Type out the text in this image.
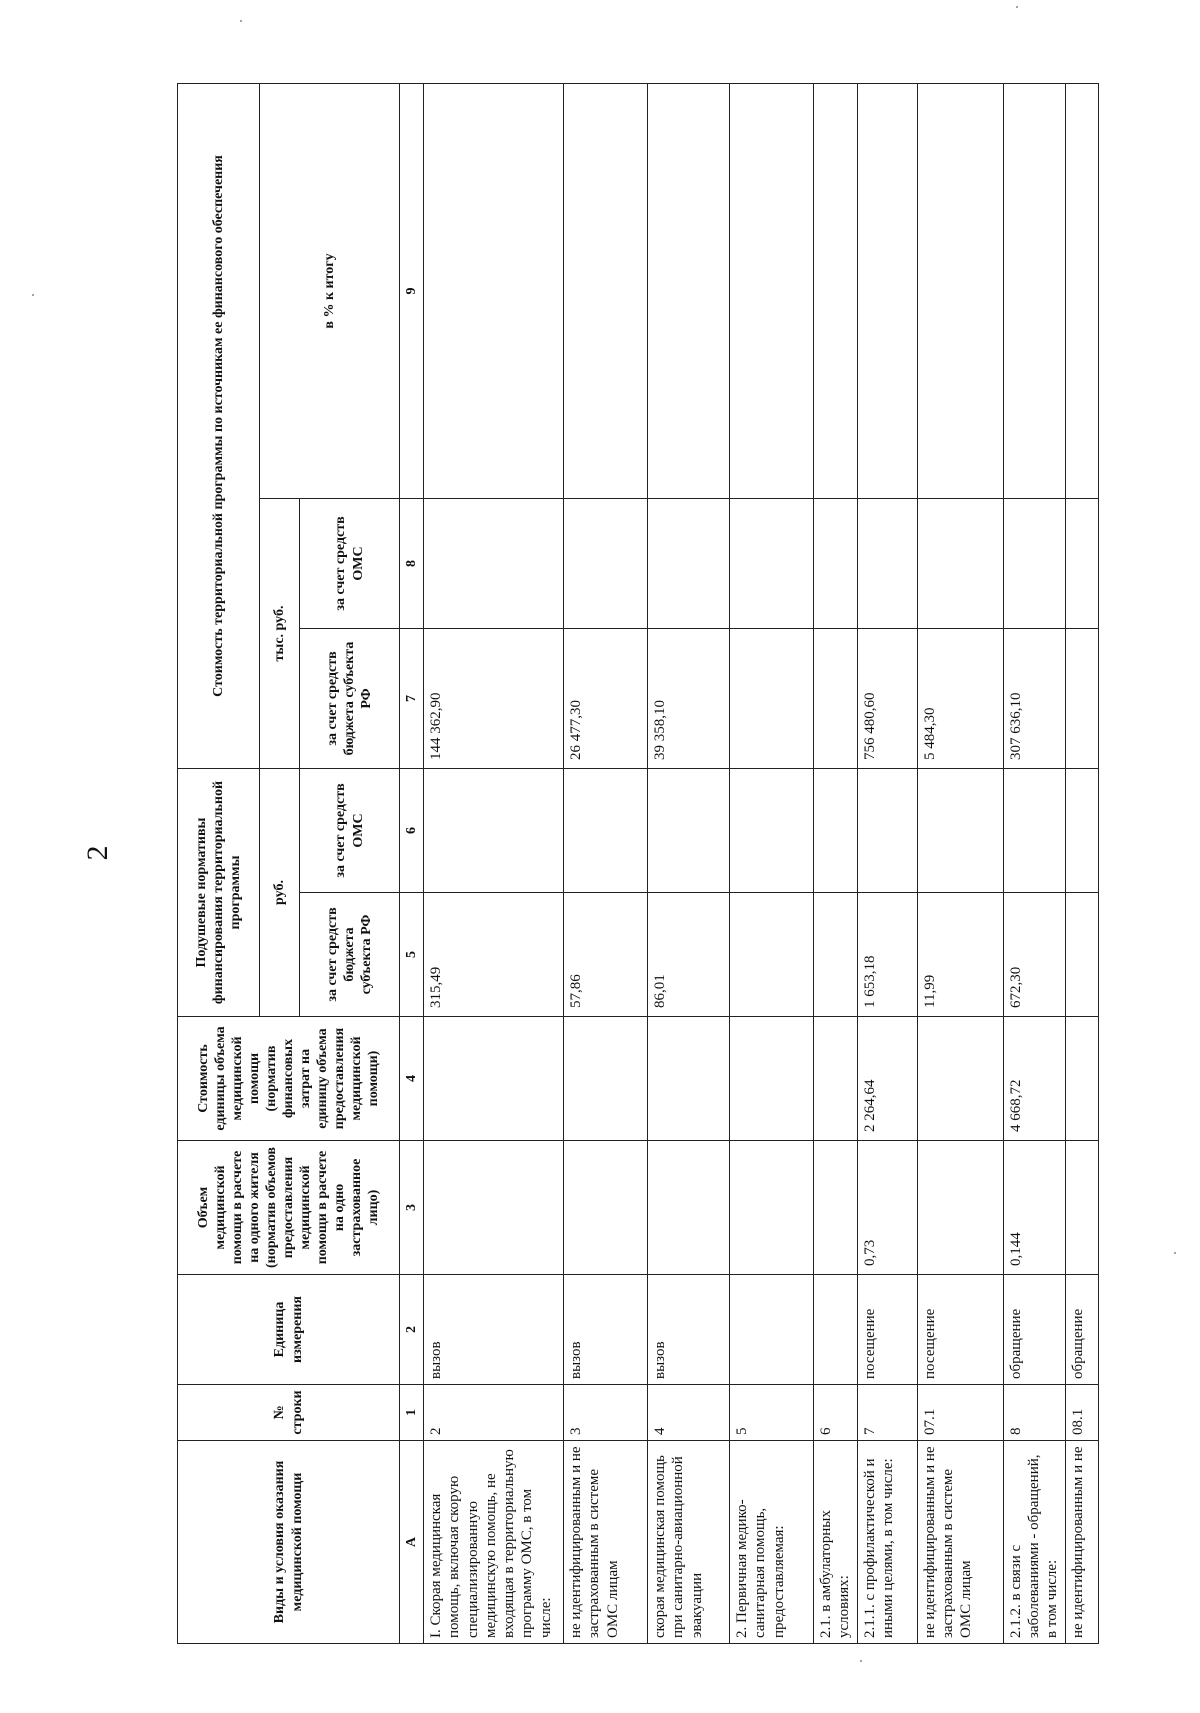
2
Виды и условия оказания медицинской помощи	№ строки	Единица измерения	Объем медицинской помощи в расчете на одного жителя (норматив объемов предоставления медицинской помощи в расчете на одно застрахованное лицо)	Стоимость единицы объема медицинской помощи (норматив финансовых затрат на единицу объема предоставления медицинской помощи)	Подушевые нормативы финансирования территориальной программы		Стоимость территориальной программы по источникам ее финансового обеспечения		
					руб.		тыс. руб.		в % к итогу
					за счет средств бюджета субъекта РФ	за счет средств ОМС	за счет средств бюджета субъекта РФ	за счет средств ОМС	
А	1	2	3	4	5	6	7	8	9
I. Скорая медицинская помощь, включая скорую специализированную медицинскую помощь, не входящая в территориальную программу ОМС, в том числе:	2	вызов			315,49		144 362,90		
не идентифицированным и не застрахованным в системе ОМС лицам	3	вызов			57,86		26 477,30		
скорая медицинская помощь при санитарно-авиационной эвакуации	4	вызов			86,01		39 358,10		
2. Первичная медико-санитарная помощь, предоставляемая:	5								
2.1. в амбулаторных условиях:	6								
2.1.1. с профилактической и иными целями, в том числе:	7	посещение	0,73	2 264,64	1 653,18		756 480,60		
не идентифицированным и не застрахованным в системе ОМС лицам	07.1	посещение			11,99		5 484,30		
2.1.2. в связи с заболеваниями - обращений, в том числе:	8	обращение	0,144	4 668,72	672,30		307 636,10		
не идентифицированным и не	08.1	обращение							
